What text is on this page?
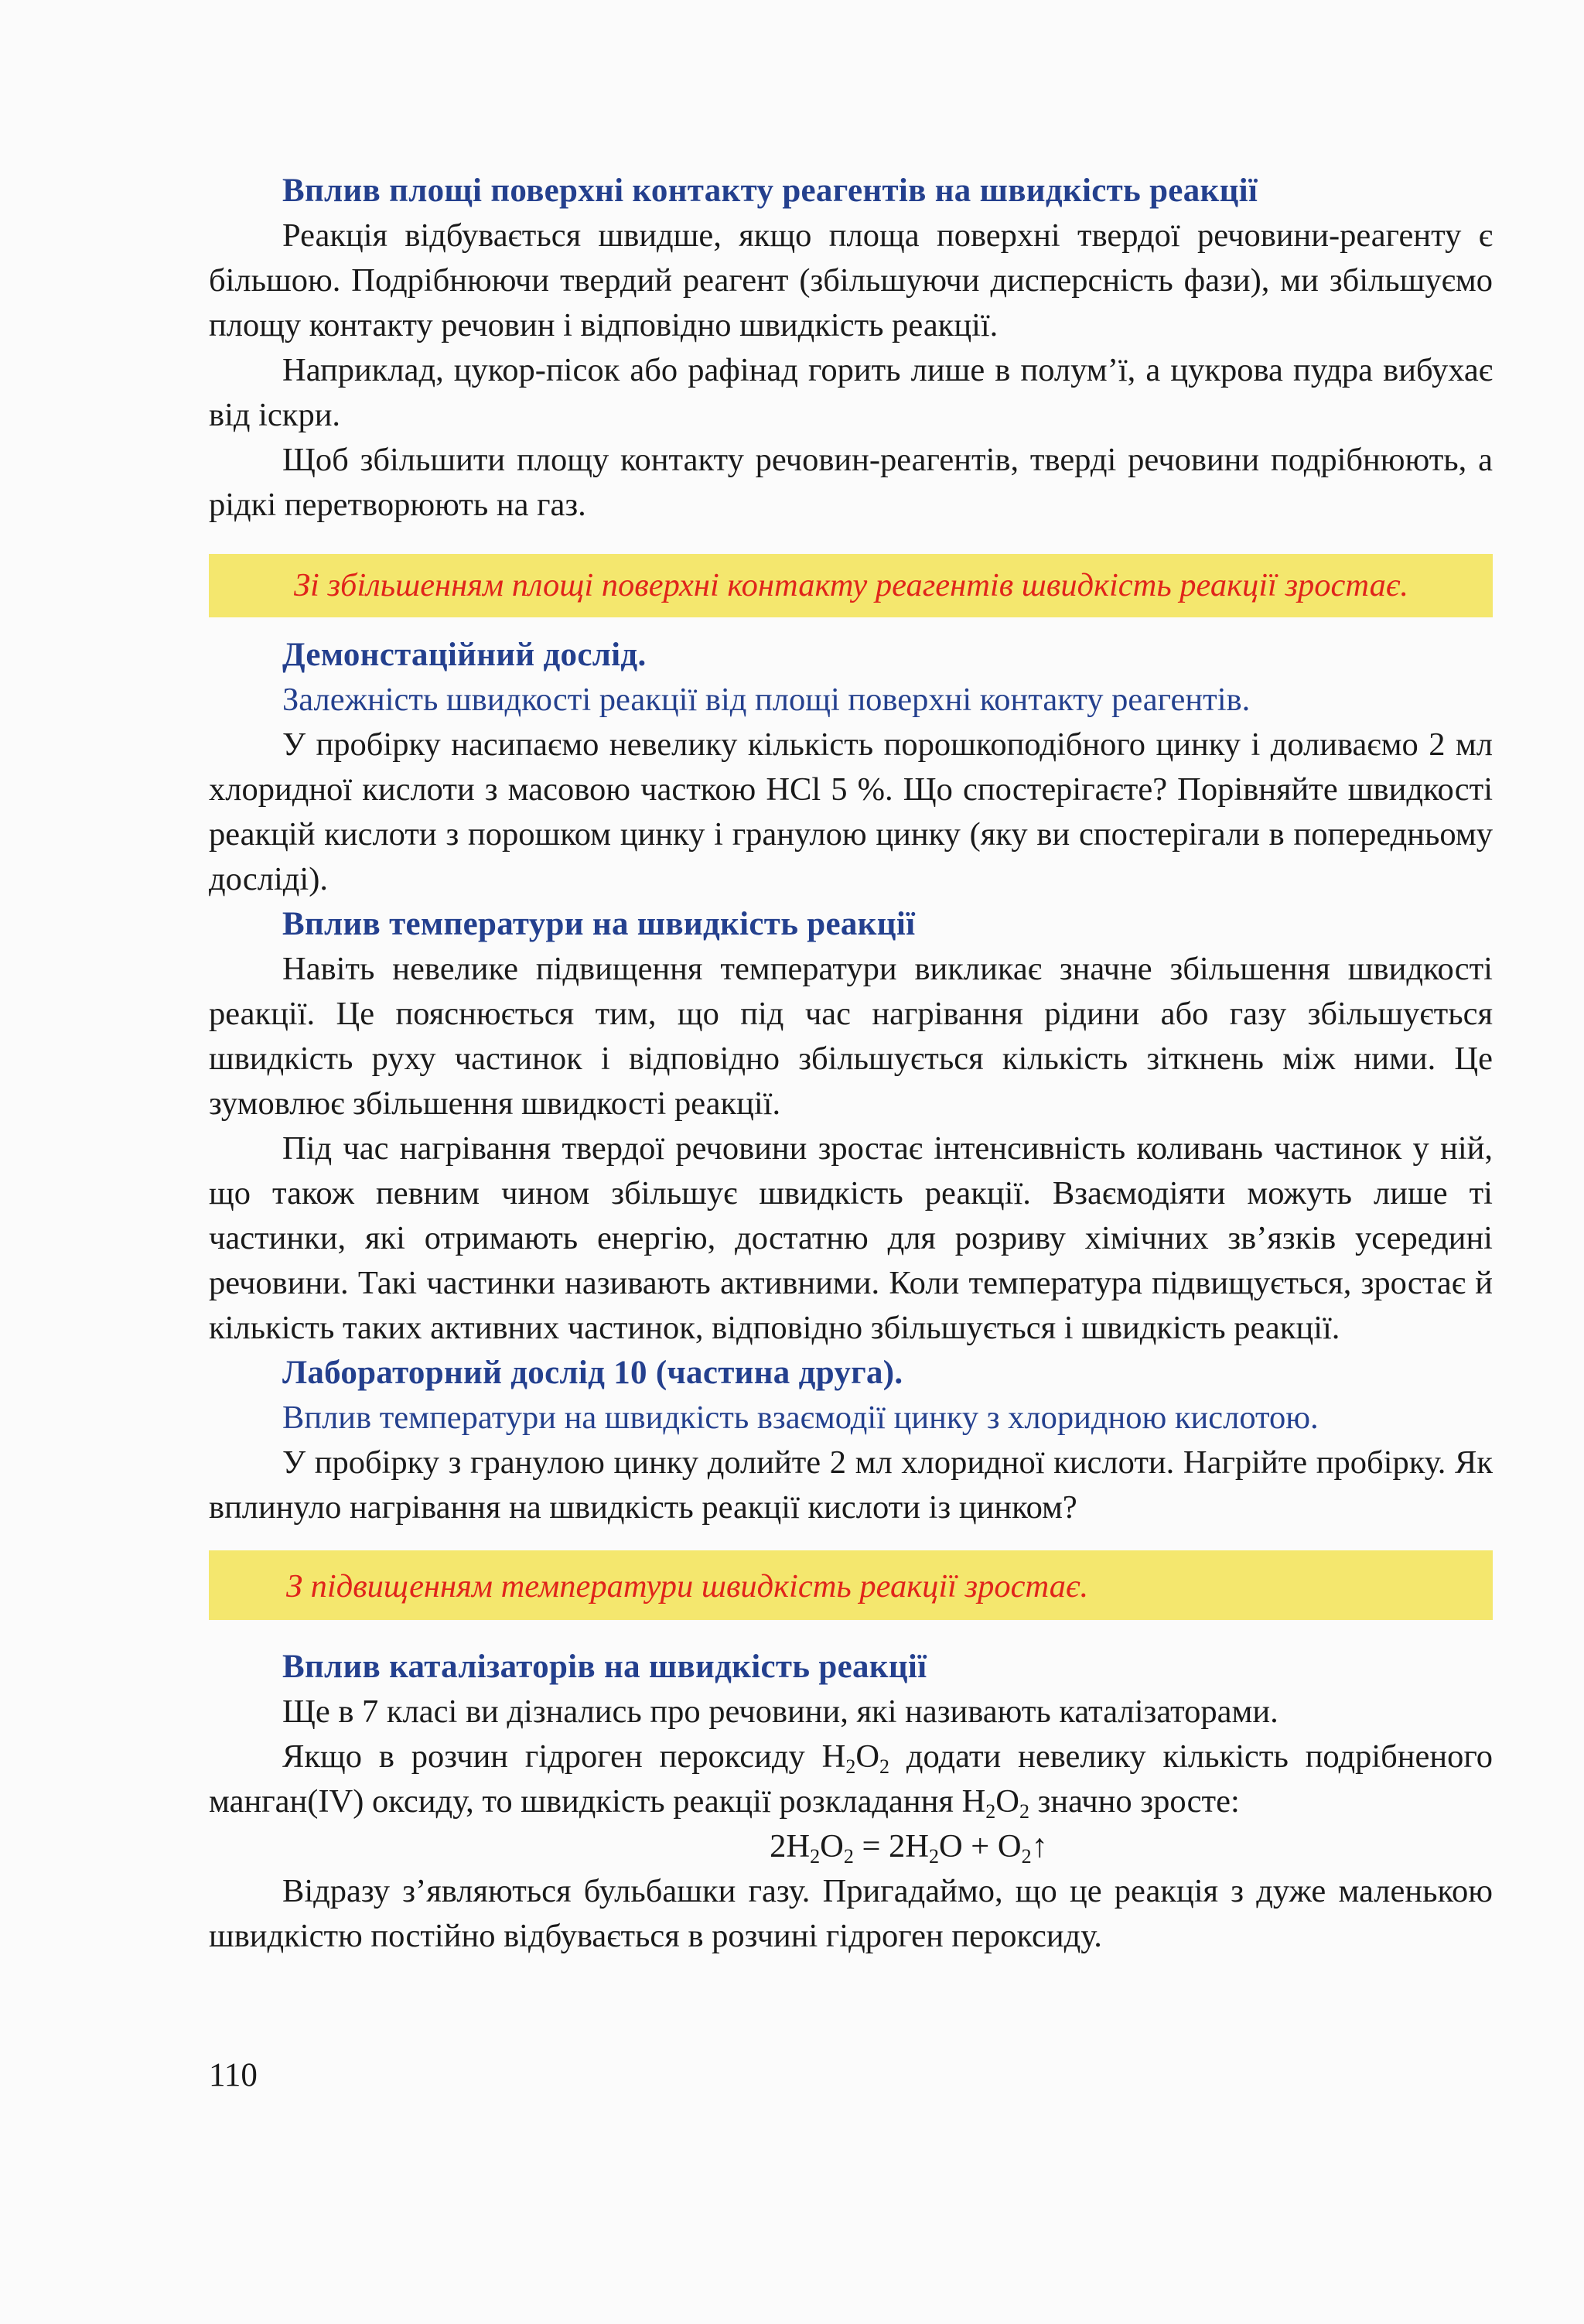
Вплив площі поверхні контакту реагентів на швидкість реакції

Реакція відбувається швидше, якщо площа поверхні твердої речовини-реагенту є більшою. Подрібнюючи твердий реагент (збільшуючи дисперсність фази), ми збільшуємо площу контакту речовин і відповідно швидкість реакції.

Наприклад, цукор-пісок або рафінад горить лише в полум’ї, а цукрова пудра вибухає від іскри.

Щоб збільшити площу контакту речовин-реагентів, тверді речовини подрібнюють, а рідкі перетворюють на газ.

Зі збільшенням площі поверхні контакту реагентів швидкість реакції зростає.

Демонстаційний дослід.

Залежність швидкості реакції від площі поверхні контакту реагентів.

У пробірку насипаємо невелику кількість порошкоподібного цинку і доливаємо 2 мл хлоридної кислоти з масовою часткою HCl 5 %. Що спостерігаєте? Порівняйте швидкості реакцій кислоти з порошком цинку і гранулою цинку (яку ви спостерігали в попередньому досліді).

Вплив температури на швидкість реакції

Навіть невелике підвищення температури викликає значне збільшення швидкості реакції. Це пояснюється тим, що під час нагрівання рідини або газу збільшується швидкість руху частинок і відповідно збільшується кількість зіткнень між ними. Це зумовлює збільшення швидкості реакції.

Під час нагрівання твердої речовини зростає інтенсивність коливань частинок у ній, що також певним чином збільшує швидкість реакції. Взаємодіяти можуть лише ті частинки, які отримають енергію, достатню для розриву хімічних зв’язків усередині речовини. Такі частинки називають активними. Коли температура підвищується, зростає й кількість таких активних частинок, відповідно збільшується і швидкість реакції.

Лабораторний дослід 10 (частина друга).

Вплив температури на швидкість взаємодії цинку з хлоридною кислотою.

У пробірку з гранулою цинку долийте 2 мл хлоридної кислоти. Нагрійте пробірку. Як вплинуло нагрівання на швидкість реакції кислоти із цинком?

З підвищенням температури швидкість реакції зростає.

Вплив каталізаторів на швидкість реакції

Ще в 7 класі ви дізнались про речовини, які називають каталізаторами.

Якщо в розчин гідроген пероксиду $H_2O_2$ додати невелику кількість подрібненого манган(IV) оксиду, то швидкість реакції розкладання $H_2O_2$ значно зросте:

$2H_2O_2 = 2H_2O$ + $O_2↑$

Відразу з’являються бульбашки газу. Пригадаймо, що це реакція з дуже маленькою швидкістю постійно відбувається в розчині гідроген пероксиду.

110
